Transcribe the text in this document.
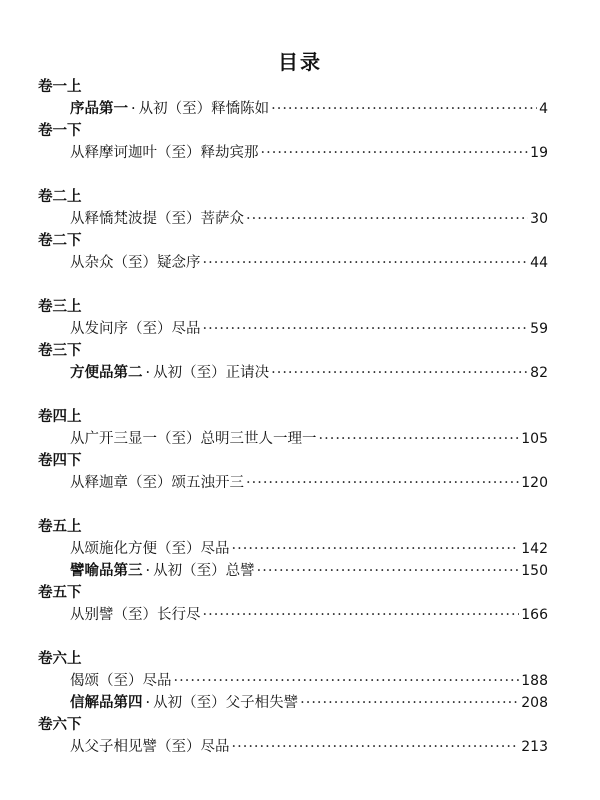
目录
卷一上
序品第一 · 从初（至）释憍陈如 ·····	4
卷一下
从释摩诃迦叶（至）释劫宾那 ·····	19
卷二上
从释憍梵波提（至）菩萨众 ·····	30
卷二下
从杂众（至）疑念序 ·····	44
卷三上
从发问序（至）尽品 ·····	59
卷三下
方便品第二 · 从初（至）正请决 ·····	82
卷四上
从广开三显一（至）总明三世人一理一 ·····	105
卷四下
从释迦章（至）颂五浊开三 ·····	120
卷五上
从颂施化方便（至）尽品 ·····	142
譬喻品第三 · 从初（至）总譬 ·····	150
卷五下
从别譬（至）长行尽 ·····	166
卷六上
偈颂（至）尽品 ·····	188
信解品第四 · 从初（至）父子相失譬 ·····	208
卷六下
从父子相见譬（至）尽品 ·····	213
